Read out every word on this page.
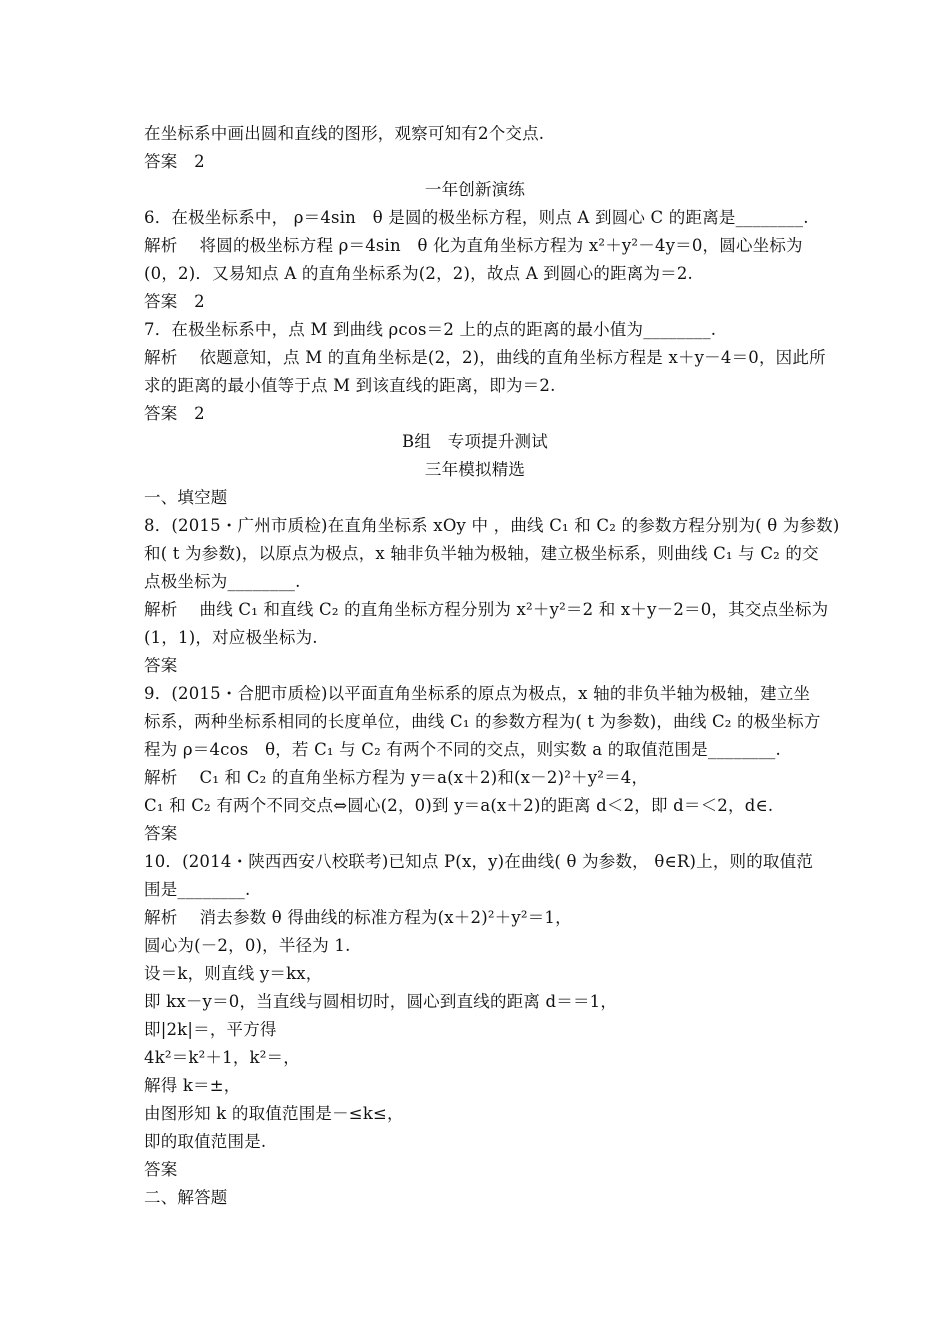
在坐标系中画出圆和直线的图形，观察可知有2个交点.
答案　2
一年创新演练
6．在极坐标系中， ρ＝4sin　θ 是圆的极坐标方程，则点 A 到圆心 C 的距离是________.
解析　 将圆的极坐标方程 ρ＝4sin　θ 化为直角坐标方程为 x²＋y²－4y＝0，圆心坐标为
(0，2)．又易知点 A 的直角坐标系为(2，2)，故点 A 到圆心的距离为＝2.
答案　2
7．在极坐标系中，点 M 到曲线 ρcos＝2 上的点的距离的最小值为________.
解析　 依题意知，点 M 的直角坐标是(2，2)，曲线的直角坐标方程是 x＋y－4＝0，因此所
求的距离的最小值等于点 M 到该直线的距离，即为＝2.
答案　2
B组　专项提升测试
三年模拟精选
一、填空题
8．(2015・广州市质检)在直角坐标系 xOy 中 ，曲线 C₁ 和 C₂ 的参数方程分别为( θ 为参数)
和( t 为参数)，以原点为极点，x 轴非负半轴为极轴，建立极坐标系，则曲线 C₁ 与 C₂ 的交
点极坐标为________.
解析　 曲线 C₁ 和直线 C₂ 的直角坐标方程分别为 x²＋y²＝2 和 x＋y－2＝0，其交点坐标为
(1，1)，对应极坐标为.
答案
9．(2015・合肥市质检)以平面直角坐标系的原点为极点，x 轴的非负半轴为极轴，建立坐
标系，两种坐标系相同的长度单位，曲线 C₁ 的参数方程为( t 为参数)，曲线 C₂ 的极坐标方
程为 ρ＝4cos　θ，若 C₁ 与 C₂ 有两个不同的交点，则实数 a 的取值范围是________.
解析　 C₁ 和 C₂ 的直角坐标方程为 y＝a(x＋2)和(x－2)²＋y²＝4，
C₁ 和 C₂ 有两个不同交点⇔圆心(2，0)到 y＝a(x＋2)的距离 d＜2，即 d＝＜2，d∈.
答案
10．(2014・陕西西安八校联考)已知点 P(x，y)在曲线( θ 为参数， θ∈R)上，则的取值范
围是________.
解析　 消去参数 θ 得曲线的标准方程为(x＋2)²＋y²＝1，
圆心为(－2，0)，半径为 1.
设＝k，则直线 y＝kx，
即 kx－y＝0，当直线与圆相切时，圆心到直线的距离 d＝＝1，
即|2k|＝，平方得
4k²＝k²＋1，k²＝，
解得 k＝±，
由图形知 k 的取值范围是－≤k≤，
即的取值范围是.
答案
二、解答题
